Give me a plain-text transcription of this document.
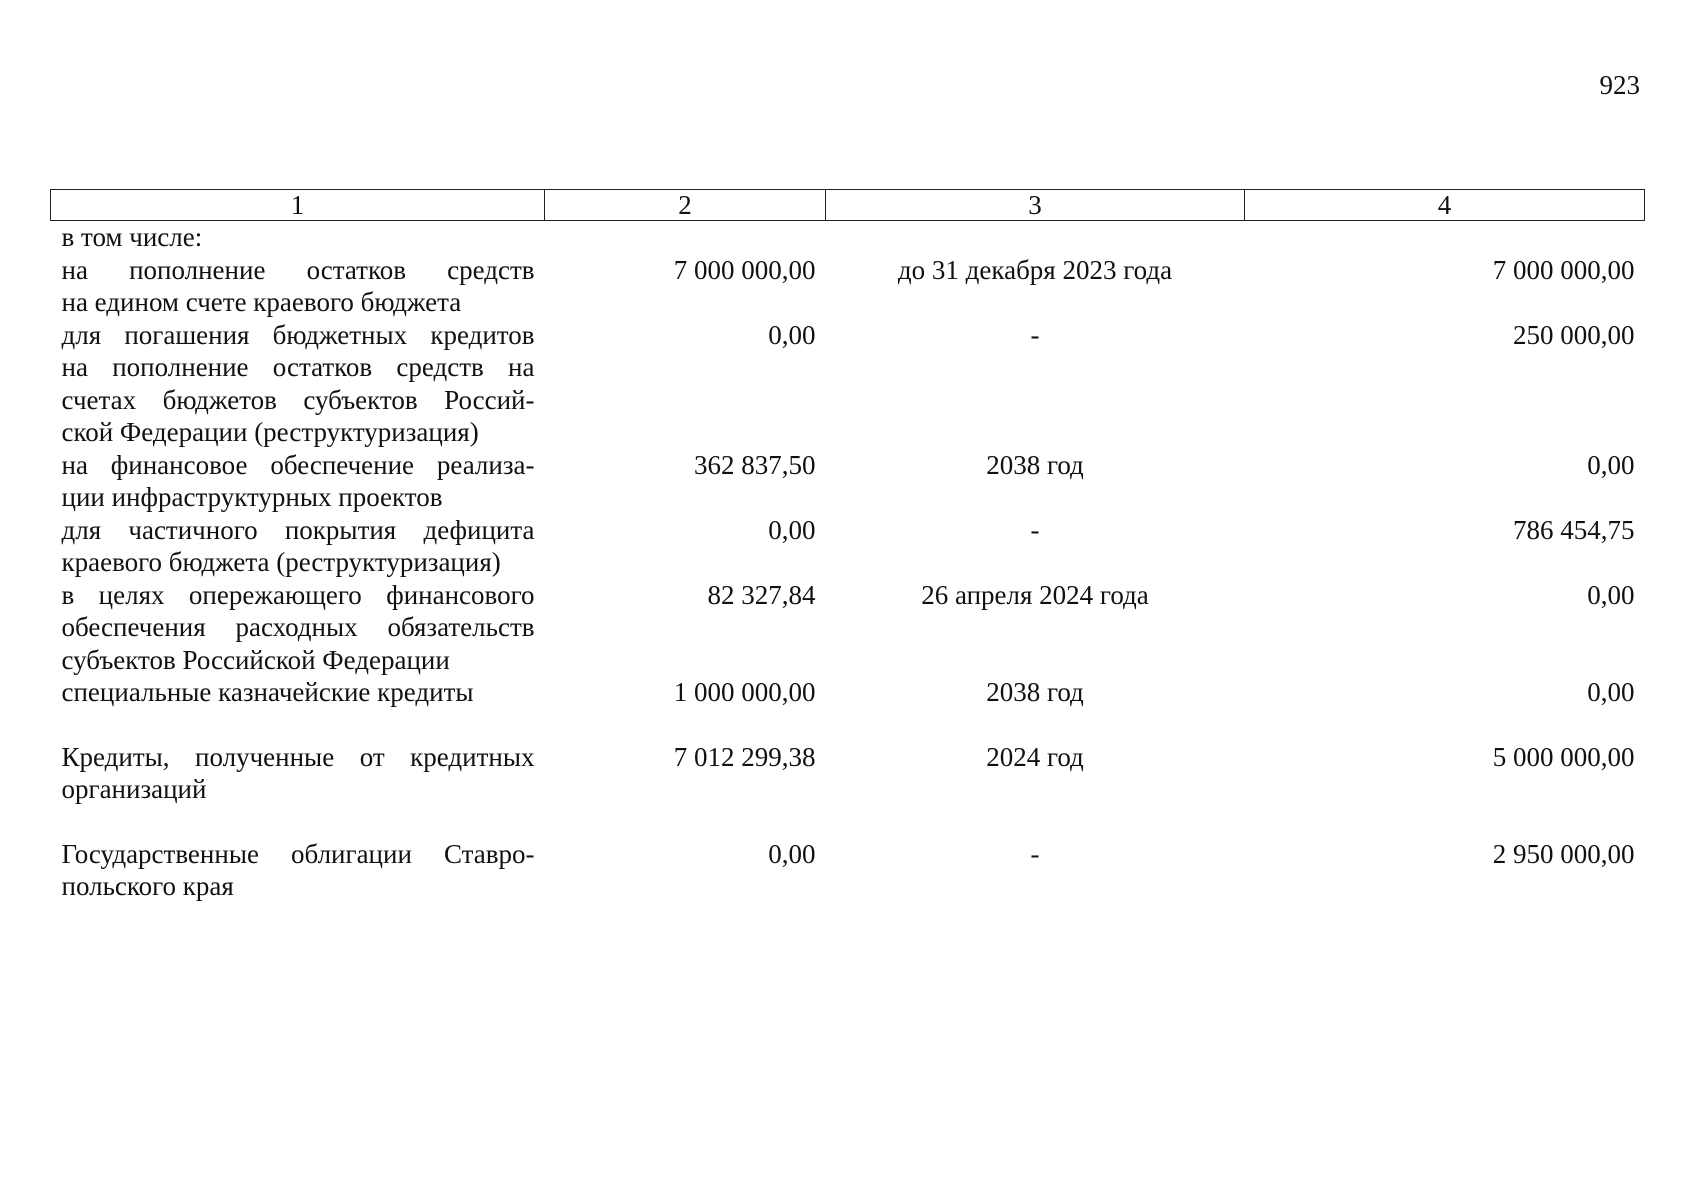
923
1	2	3	4
в том числе:			

на пополнение остатков средств
на едином счете краевого бюджета	7 000 000,00	до 31 декабря 2023 года	7 000 000,00

для погашения бюджетных кредитов
на пополнение остатков средств на
счетах бюджетов субъектов Россий-
ской Федерации (реструктуризация)	0,00	-	250 000,00

на финансовое обеспечение реализа-
ции инфраструктурных проектов	362 837,50	2038 год	0,00

для частичного покрытия дефицита
краевого бюджета (реструктуризация)	0,00	-	786 454,75

в целях опережающего финансового
обеспечения расходных обязательств
субъектов Российской Федерации	82 327,84	26 апреля 2024 года	0,00

специальные казначейские кредиты	1 000 000,00	2038 год	0,00

Кредиты, полученные от кредитных
организаций	7 012 299,38	2024 год	5 000 000,00

Государственные облигации Ставро-
польского края	0,00	-	2 950 000,00
